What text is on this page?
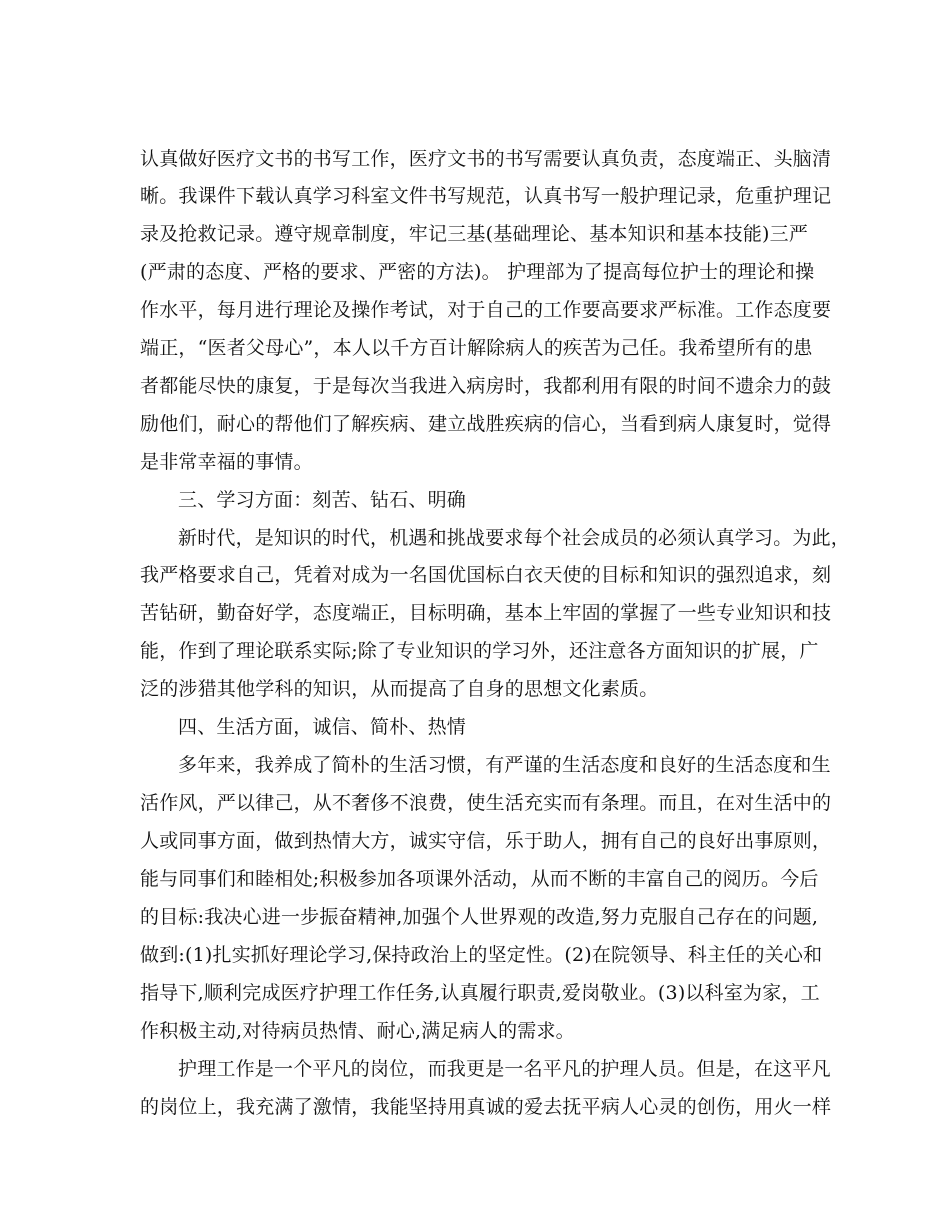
认真做好医疗文书的书写工作，医疗文书的书写需要认真负责，态度端正、头脑清
晰。我课件下载认真学习科室文件书写规范，认真书写一般护理记录，危重护理记
录及抢救记录。遵守规章制度，牢记三基(基础理论、基本知识和基本技能)三严
(严肃的态度、严格的要求、严密的方法)。 护理部为了提高每位护士的理论和操
作水平，每月进行理论及操作考试，对于自己的工作要高要求严标准。工作态度要
端正，“医者父母心”，本人以千方百计解除病人的疾苦为己任。我希望所有的患
者都能尽快的康复，于是每次当我进入病房时，我都利用有限的时间不遗余力的鼓
励他们，耐心的帮他们了解疾病、建立战胜疾病的信心，当看到病人康复时，觉得
是非常幸福的事情。
三、学习方面：刻苦、钻石、明确
新时代，是知识的时代，机遇和挑战要求每个社会成员的必须认真学习。为此，
我严格要求自己，凭着对成为一名国优国标白衣天使的目标和知识的强烈追求，刻
苦钻研，勤奋好学，态度端正，目标明确，基本上牢固的掌握了一些专业知识和技
能，作到了理论联系实际;除了专业知识的学习外，还注意各方面知识的扩展，广
泛的涉猎其他学科的知识，从而提高了自身的思想文化素质。
四、生活方面，诚信、简朴、热情
多年来，我养成了简朴的生活习惯，有严谨的生活态度和良好的生活态度和生
活作风，严以律己，从不奢侈不浪费，使生活充实而有条理。而且，在对生活中的
人或同事方面，做到热情大方，诚实守信，乐于助人，拥有自己的良好出事原则，
能与同事们和睦相处;积极参加各项课外活动，从而不断的丰富自己的阅历。今后
的目标:我决心进一步振奋精神,加强个人世界观的改造,努力克服自己存在的问题,
做到:(1)扎实抓好理论学习,保持政治上的坚定性。(2)在院领导、科主任的关心和
指导下,顺利完成医疗护理工作任务,认真履行职责,爱岗敬业。(3)以科室为家，工
作积极主动,对待病员热情、耐心,满足病人的需求。
护理工作是一个平凡的岗位，而我更是一名平凡的护理人员。但是，在这平凡
的岗位上，我充满了激情，我能坚持用真诚的爱去抚平病人心灵的创伤，用火一样
